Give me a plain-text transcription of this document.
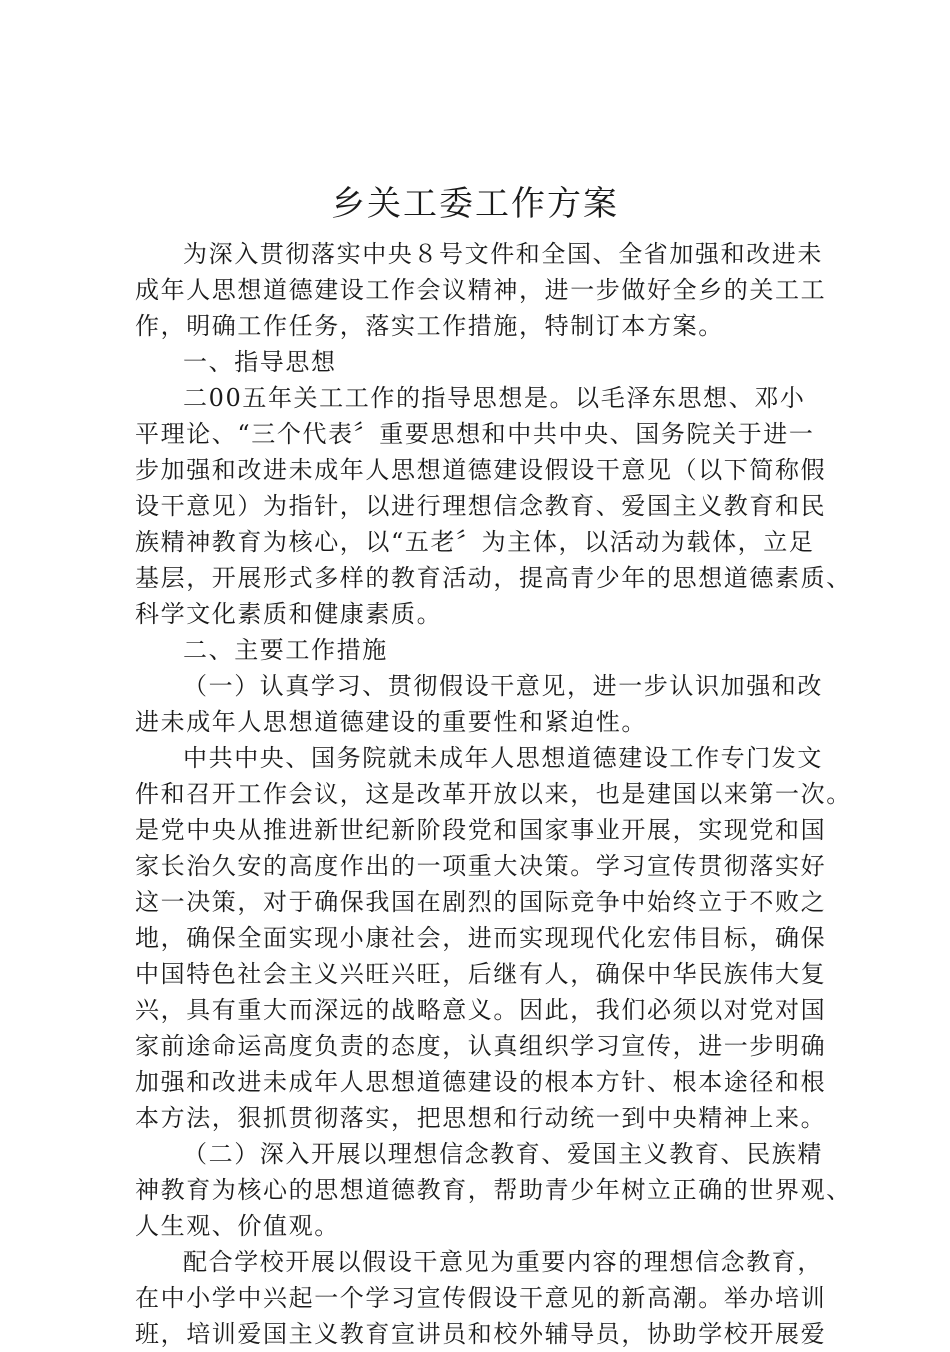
乡关工委工作方案
为深入贯彻落实中央８号文件和全国、全省加强和改进未
成年人思想道德建设工作会议精神，进一步做好全乡的关工工
作，明确工作任务，落实工作措施，特制订本方案。
一、指导思想
二00五年关工工作的指导思想是。以毛泽东思想、邓小
平理论、“三个代表〞重要思想和中共中央、国务院关于进一
步加强和改进未成年人思想道德建设假设干意见（以下简称假
设干意见）为指针，以进行理想信念教育、爱国主义教育和民
族精神教育为核心，以“五老〞为主体，以活动为载体，立足
基层，开展形式多样的教育活动，提高青少年的思想道德素质、
科学文化素质和健康素质。
二、主要工作措施
（一）认真学习、贯彻假设干意见，进一步认识加强和改
进未成年人思想道德建设的重要性和紧迫性。
中共中央、国务院就未成年人思想道德建设工作专门发文
件和召开工作会议，这是改革开放以来，也是建国以来第一次。
是党中央从推进新世纪新阶段党和国家事业开展，实现党和国
家长治久安的高度作出的一项重大决策。学习宣传贯彻落实好
这一决策，对于确保我国在剧烈的国际竞争中始终立于不败之
地，确保全面实现小康社会，进而实现现代化宏伟目标，确保
中国特色社会主义兴旺兴旺，后继有人，确保中华民族伟大复
兴，具有重大而深远的战略意义。因此，我们必须以对党对国
家前途命运高度负责的态度，认真组织学习宣传，进一步明确
加强和改进未成年人思想道德建设的根本方针、根本途径和根
本方法，狠抓贯彻落实，把思想和行动统一到中央精神上来。
（二）深入开展以理想信念教育、爱国主义教育、民族精
神教育为核心的思想道德教育，帮助青少年树立正确的世界观、
人生观、价值观。
配合学校开展以假设干意见为重要内容的理想信念教育，
在中小学中兴起一个学习宣传假设干意见的新高潮。举办培训
班，培训爱国主义教育宣讲员和校外辅导员，协助学校开展爱
